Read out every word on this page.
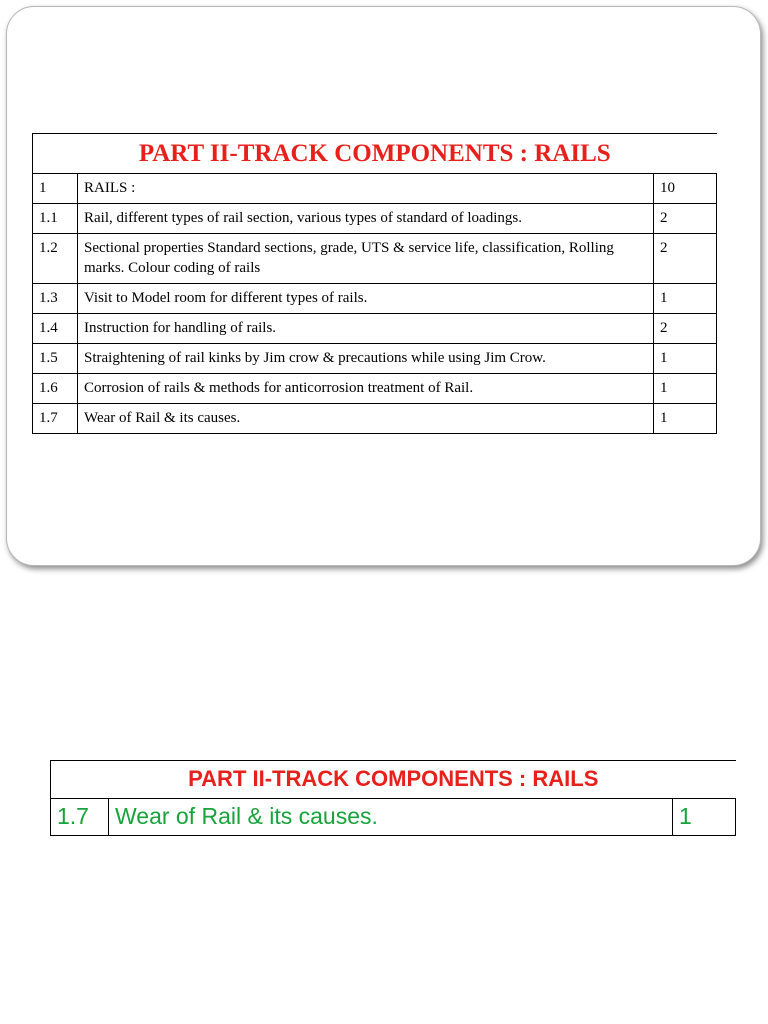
PART II-TRACK COMPONENTS : RAILS		
1	RAILS :	10
1.1	Rail, different types of rail section, various types of standard of loadings.	2
1.2	Sectional properties Standard sections, grade, UTS & service life, classification, Rolling marks. Colour coding of rails	2
1.3	Visit to Model room for different types of rails.	1
1.4	Instruction for handling of rails.	2
1.5	Straightening of rail kinks by Jim crow & precautions while using Jim Crow.	1
1.6	Corrosion of rails & methods for anticorrosion treatment of Rail.	1
1.7	Wear of Rail & its causes.	1
PART II-TRACK COMPONENTS : RAILS
1.7	Wear of Rail & its causes.	1
